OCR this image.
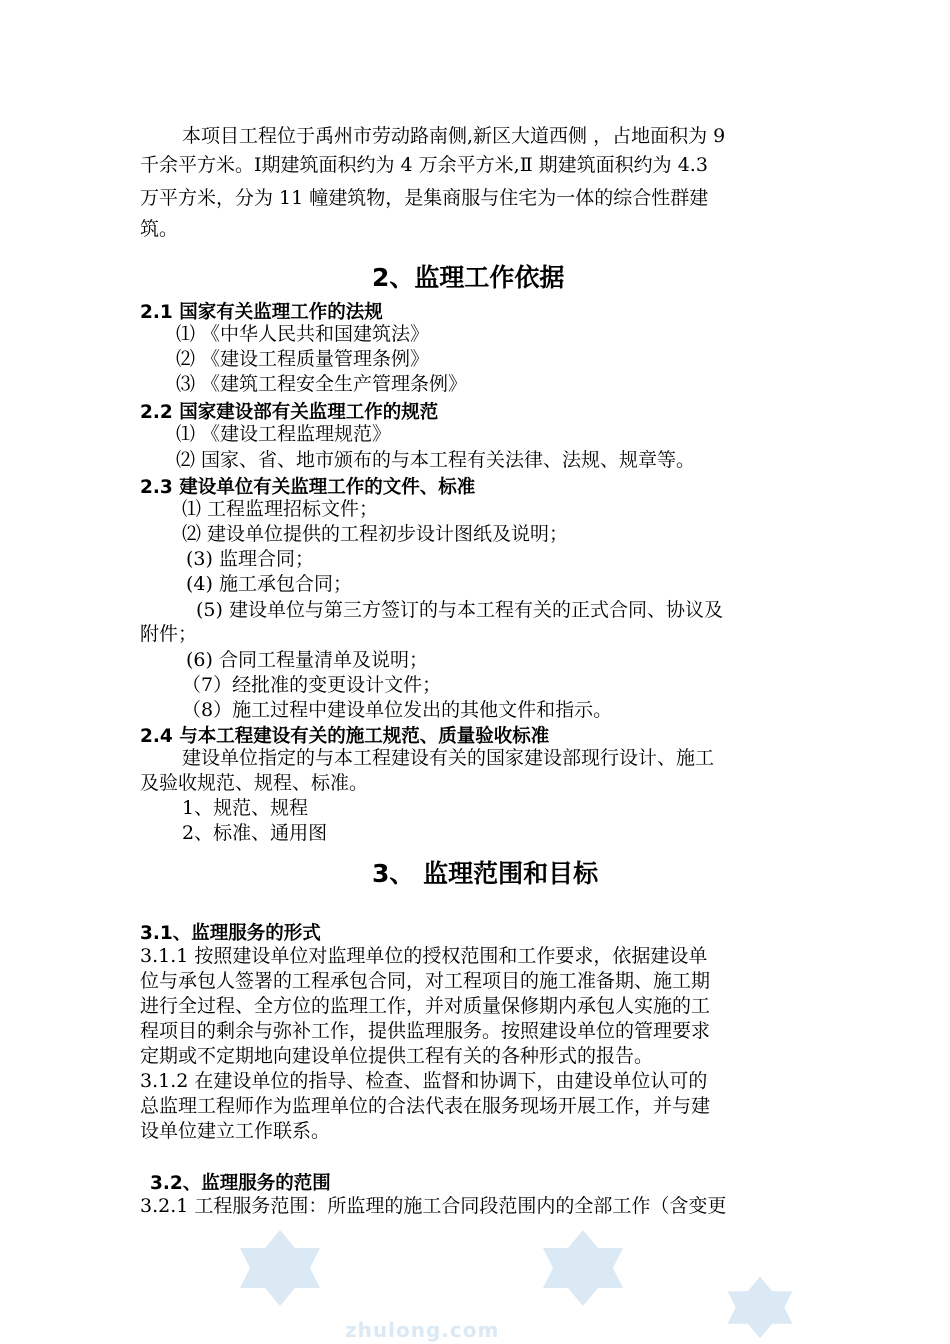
zhulong.com

本项目工程位于禹州市劳动路南侧,新区大道西侧 ，占地面积为 9

千余平方米。Ⅰ期建筑面积约为 4 万余平方米,Ⅱ 期建筑面积约为 4.3

万平方米，分为 11 幢建筑物，是集商服与住宅为一体的综合性群建

筑。

2、监理工作依据
2.1 国家有关监理工作的法规

⑴ 《中华人民共和国建筑法》

⑵ 《建设工程质量管理条例》

⑶ 《建筑工程安全生产管理条例》

2.2 国家建设部有关监理工作的规范

⑴ 《建设工程监理规范》

⑵ 国家、省、地市颁布的与本工程有关法律、法规、规章等。

2.3 建设单位有关监理工作的文件、标准

⑴ 工程监理招标文件；

⑵ 建设单位提供的工程初步设计图纸及说明；

(3) 监理合同；

(4) 施工承包合同；

(5) 建设单位与第三方签订的与本工程有关的正式合同、协议及

附件；

(6) 合同工程量清单及说明；

（7）经批准的变更设计文件；

（8）施工过程中建设单位发出的其他文件和指示。

2.4 与本工程建设有关的施工规范、质量验收标准

建设单位指定的与本工程建设有关的国家建设部现行设计、施工

及验收规范、规程、标准。

1、规范、规程

2、标准、通用图

3、 监理范围和目标
3.1、监理服务的形式

3.1.1 按照建设单位对监理单位的授权范围和工作要求，依据建设单

位与承包人签署的工程承包合同，对工程项目的施工准备期、施工期

进行全过程、全方位的监理工作，并对质量保修期内承包人实施的工

程项目的剩余与弥补工作，提供监理服务。按照建设单位的管理要求

定期或不定期地向建设单位提供工程有关的各种形式的报告。

3.1.2 在建设单位的指导、检查、监督和协调下，由建设单位认可的

总监理工程师作为监理单位的合法代表在服务现场开展工作，并与建

设单位建立工作联系。

3.2、监理服务的范围

3.2.1 工程服务范围：所监理的施工合同段范围内的全部工作（含变更
